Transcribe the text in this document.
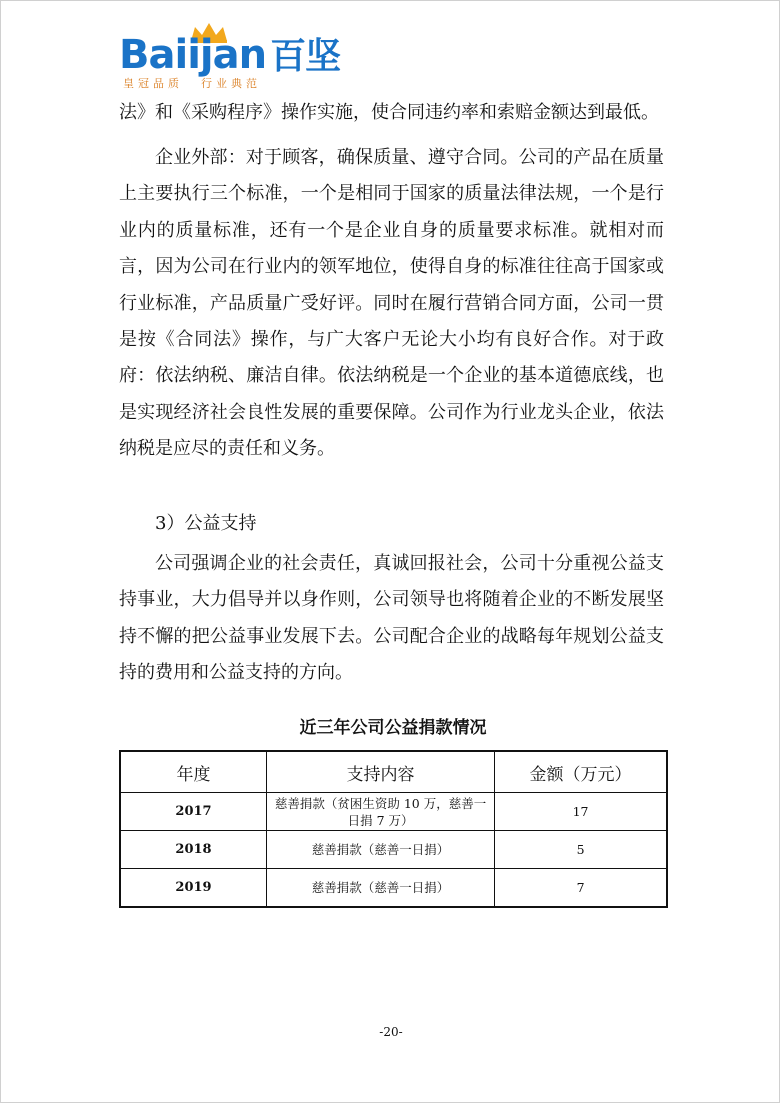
Baiijan 百坚
皇冠品质 行业典范

法》和《采购程序》操作实施，使合同违约率和索赔金额达到最低。

企业外部：对于顾客，确保质量、遵守合同。公司的产品在质量上主要执行三个标准，一个是相同于国家的质量法律法规，一个是行业内的质量标准，还有一个是企业自身的质量要求标准。就相对而言，因为公司在行业内的领军地位，使得自身的标准往往高于国家或行业标准，产品质量广受好评。同时在履行营销合同方面，公司一贯是按《合同法》操作，与广大客户无论大小均有良好合作。对于政府：依法纳税、廉洁自律。依法纳税是一个企业的基本道德底线，也是实现经济社会良性发展的重要保障。公司作为行业龙头企业，依法纳税是应尽的责任和义务。

3）公益支持

公司强调企业的社会责任，真诚回报社会，公司十分重视公益支持事业，大力倡导并以身作则，公司领导也将随着企业的不断发展坚持不懈的把公益事业发展下去。公司配合企业的战略每年规划公益支持的费用和公益支持的方向。

近三年公司公益捐款情况
年度	支持内容	金额（万元）
2017	慈善捐款（贫困生资助 10 万，慈善一日捐 7 万）	17
2018	慈善捐款（慈善一日捐）	5
2019	慈善捐款（慈善一日捐）	7
-20-
